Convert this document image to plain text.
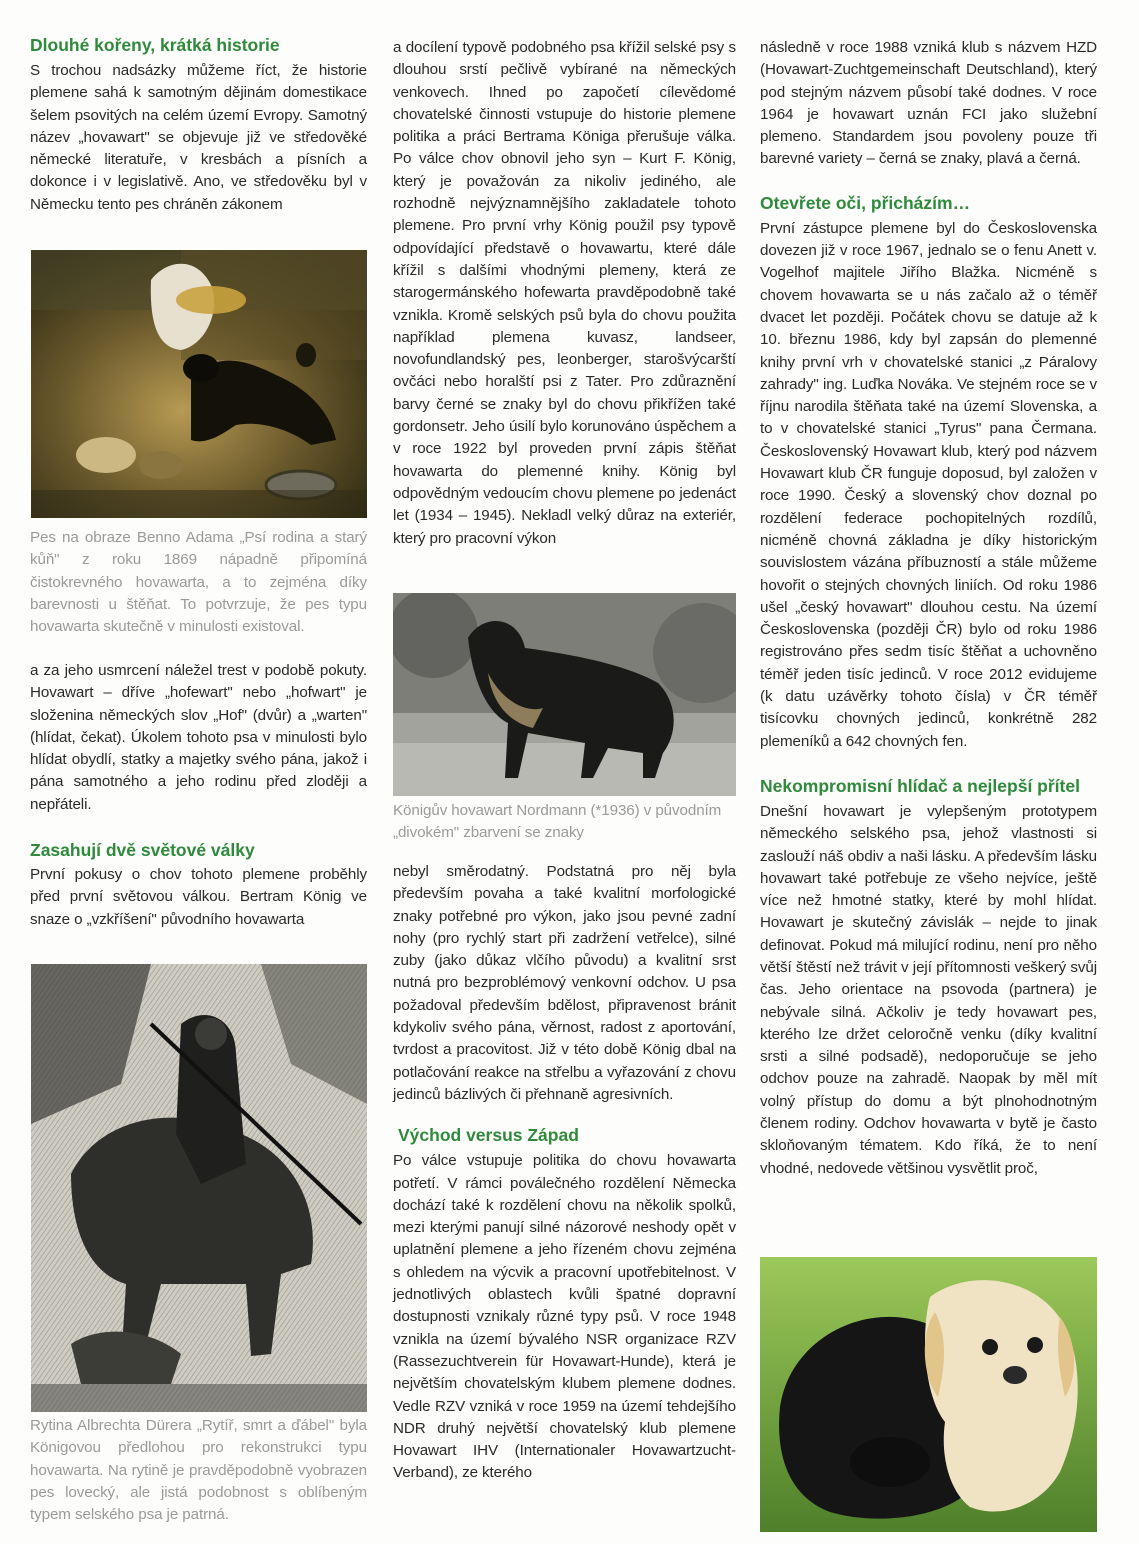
Dlouhé kořeny, krátká historie

S trochou nadsázky můžeme říct, že historie plemene sahá k samotným dějinám domestikace šelem psovitých na celém území Evropy. Samotný název „hovawart" se objevuje již ve středověké německé literatuře, v kresbách a písních a dokonce i v legislativě. Ano, ve středověku byl v Německu tento pes chráněn zákonem

Pes na obraze Benno Adama „Psí rodina a starý kůň" z roku 1869 nápadně připomíná čistokrevného hovawarta, a to zejména díky barevnosti u štěňat. To potvrzuje, že pes typu hovawarta skutečně v minulosti existoval.

a za jeho usmrcení náležel trest v podobě pokuty. Hovawart – dříve „hofewart" nebo „hofwart" je složenina německých slov „Hof" (dvůr) a „warten" (hlídat, čekat). Úkolem tohoto psa v minulosti bylo hlídat obydlí, statky a majetky svého pána, jakož i pána samotného a jeho rodinu před zloději a nepřáteli.

Zasahují dvě světové války

První pokusy o chov tohoto plemene proběhly před první světovou válkou. Bertram König ve snaze o „vzkříšení" původního hovawarta

Rytina Albrechta Dürera „Rytíř, smrt a ďábel" byla Königovou předlohou pro rekonstrukci typu hovawarta. Na rytině je pravděpodobně vyobrazen pes lovecký, ale jistá podobnost s oblíbeným typem selského psa je patrná.

a docílení typově podobného psa křížil selské psy s dlouhou srstí pečlivě vybírané na německých venkovech. Ihned po započetí cílevědomé chovatelské činnosti vstupuje do historie plemene politika a práci Bertrama Königa přerušuje válka. Po válce chov obnovil jeho syn – Kurt F. König, který je považován za nikoliv jediného, ale rozhodně nejvýznamnějšího zakladatele tohoto plemene. Pro první vrhy König použil psy typově odpovídající představě o hovawartu, které dále křížil s dalšími vhodnými plemeny, která ze starogermánského hofewarta pravděpodobně také vznikla. Kromě selských psů byla do chovu použita například plemena kuvasz, landseer, novofundlandský pes, leonberger, starošvýcarští ovčáci nebo horalští psi z Tater. Pro zdůraznění barvy černé se znaky byl do chovu přikřížen také gordonsetr. Jeho úsilí bylo korunováno úspěchem a v roce 1922 byl proveden první zápis štěňat hovawarta do plemenné knihy. König byl odpovědným vedoucím chovu plemene po jedenáct let (1934 – 1945). Nekladl velký důraz na exteriér, který pro pracovní výkon

Königův hovawart Nordmann (*1936) v původním „divokém" zbarvení se znaky

nebyl směrodatný. Podstatná pro něj byla především povaha a také kvalitní morfologické znaky potřebné pro výkon, jako jsou pevné zadní nohy (pro rychlý start při zadržení vetřelce), silné zuby (jako důkaz vlčího původu) a kvalitní srst nutná pro bezproblémový venkovní odchov. U psa požadoval především bdělost, připravenost bránit kdykoliv svého pána, věrnost, radost z aportování, tvrdost a pracovitost. Již v této době König dbal na potlačování reakce na střelbu a vyřazování z chovu jedinců bázlivých či přehnaně agresivních.

Východ versus Západ

Po válce vstupuje politika do chovu hovawarta potřetí. V rámci poválečného rozdělení Německa dochází také k rozdělení chovu na několik spolků, mezi kterými panují silné názorové neshody opět v uplatnění plemene a jeho řízeném chovu zejména s ohledem na výcvik a pracovní upotřebitelnost. V jednotlivých oblastech kvůli špatné dopravní dostupnosti vznikaly různé typy psů. V roce 1948 vznikla na území bývalého NSR organizace RZV (Rassezuchtverein für Hovawart-Hunde), která je největším chovatelským klubem plemene dodnes. Vedle RZV vzniká v roce 1959 na území tehdejšího NDR druhý největší chovatelský klub plemene Hovawart IHV (Internationaler Hovawartzucht-Verband), ze kterého

následně v roce 1988 vzniká klub s názvem HZD (Hovawart-Zuchtgemeinschaft Deutschland), který pod stejným názvem působí také dodnes. V roce 1964 je hovawart uznán FCI jako služební plemeno. Standardem jsou povoleny pouze tři barevné variety – černá se znaky, plavá a černá.

Otevřete oči, přicházím…

První zástupce plemene byl do Československa dovezen již v roce 1967, jednalo se o fenu Anett v. Vogelhof majitele Jiřího Blažka. Nicméně s chovem hovawarta se u nás začalo až o téměř dvacet let později. Počátek chovu se datuje až k 10. březnu 1986, kdy byl zapsán do plemenné knihy první vrh v chovatelské stanici „z Páralovy zahrady" ing. Luďka Nováka. Ve stejném roce se v říjnu narodila štěňata také na území Slovenska, a to v chovatelské stanici „Tyrus" pana Čermana. Československý Hovawart klub, který pod názvem Hovawart klub ČR funguje doposud, byl založen v roce 1990. Český a slovenský chov doznal po rozdělení federace pochopitelných rozdílů, nicméně chovná základna je díky historickým souvislostem vázána příbuzností a stále můžeme hovořit o stejných chovných liniích. Od roku 1986 ušel „český hovawart" dlouhou cestu. Na území Československa (později ČR) bylo od roku 1986 registrováno přes sedm tisíc štěňat a uchovněno téměř jeden tisíc jedinců. V roce 2012 evidujeme (k datu uzávěrky tohoto čísla) v ČR téměř tisícovku chovných jedinců, konkrétně 282 plemeníků a 642 chovných fen.

Nekompromisní hlídač a nejlepší přítel

Dnešní hovawart je vylepšeným prototypem německého selského psa, jehož vlastnosti si zaslouží náš obdiv a naši lásku. A především lásku hovawart také potřebuje ze všeho nejvíce, ještě více než hmotné statky, které by mohl hlídat. Hovawart je skutečný závislák – nejde to jinak definovat. Pokud má milující rodinu, není pro něho větší štěstí než trávit v její přítomnosti veškerý svůj čas. Jeho orientace na psovoda (partnera) je nebývale silná. Ačkoliv je tedy hovawart pes, kterého lze držet celoročně venku (díky kvalitní srsti a silné podsadě), nedoporučuje se jeho odchov pouze na zahradě. Naopak by měl mít volný přístup do domu a být plnohodnotným členem rodiny. Odchov hovawarta v bytě je často skloňovaným tématem. Kdo říká, že to není vhodné, nedovede většinou vysvětlit proč,
